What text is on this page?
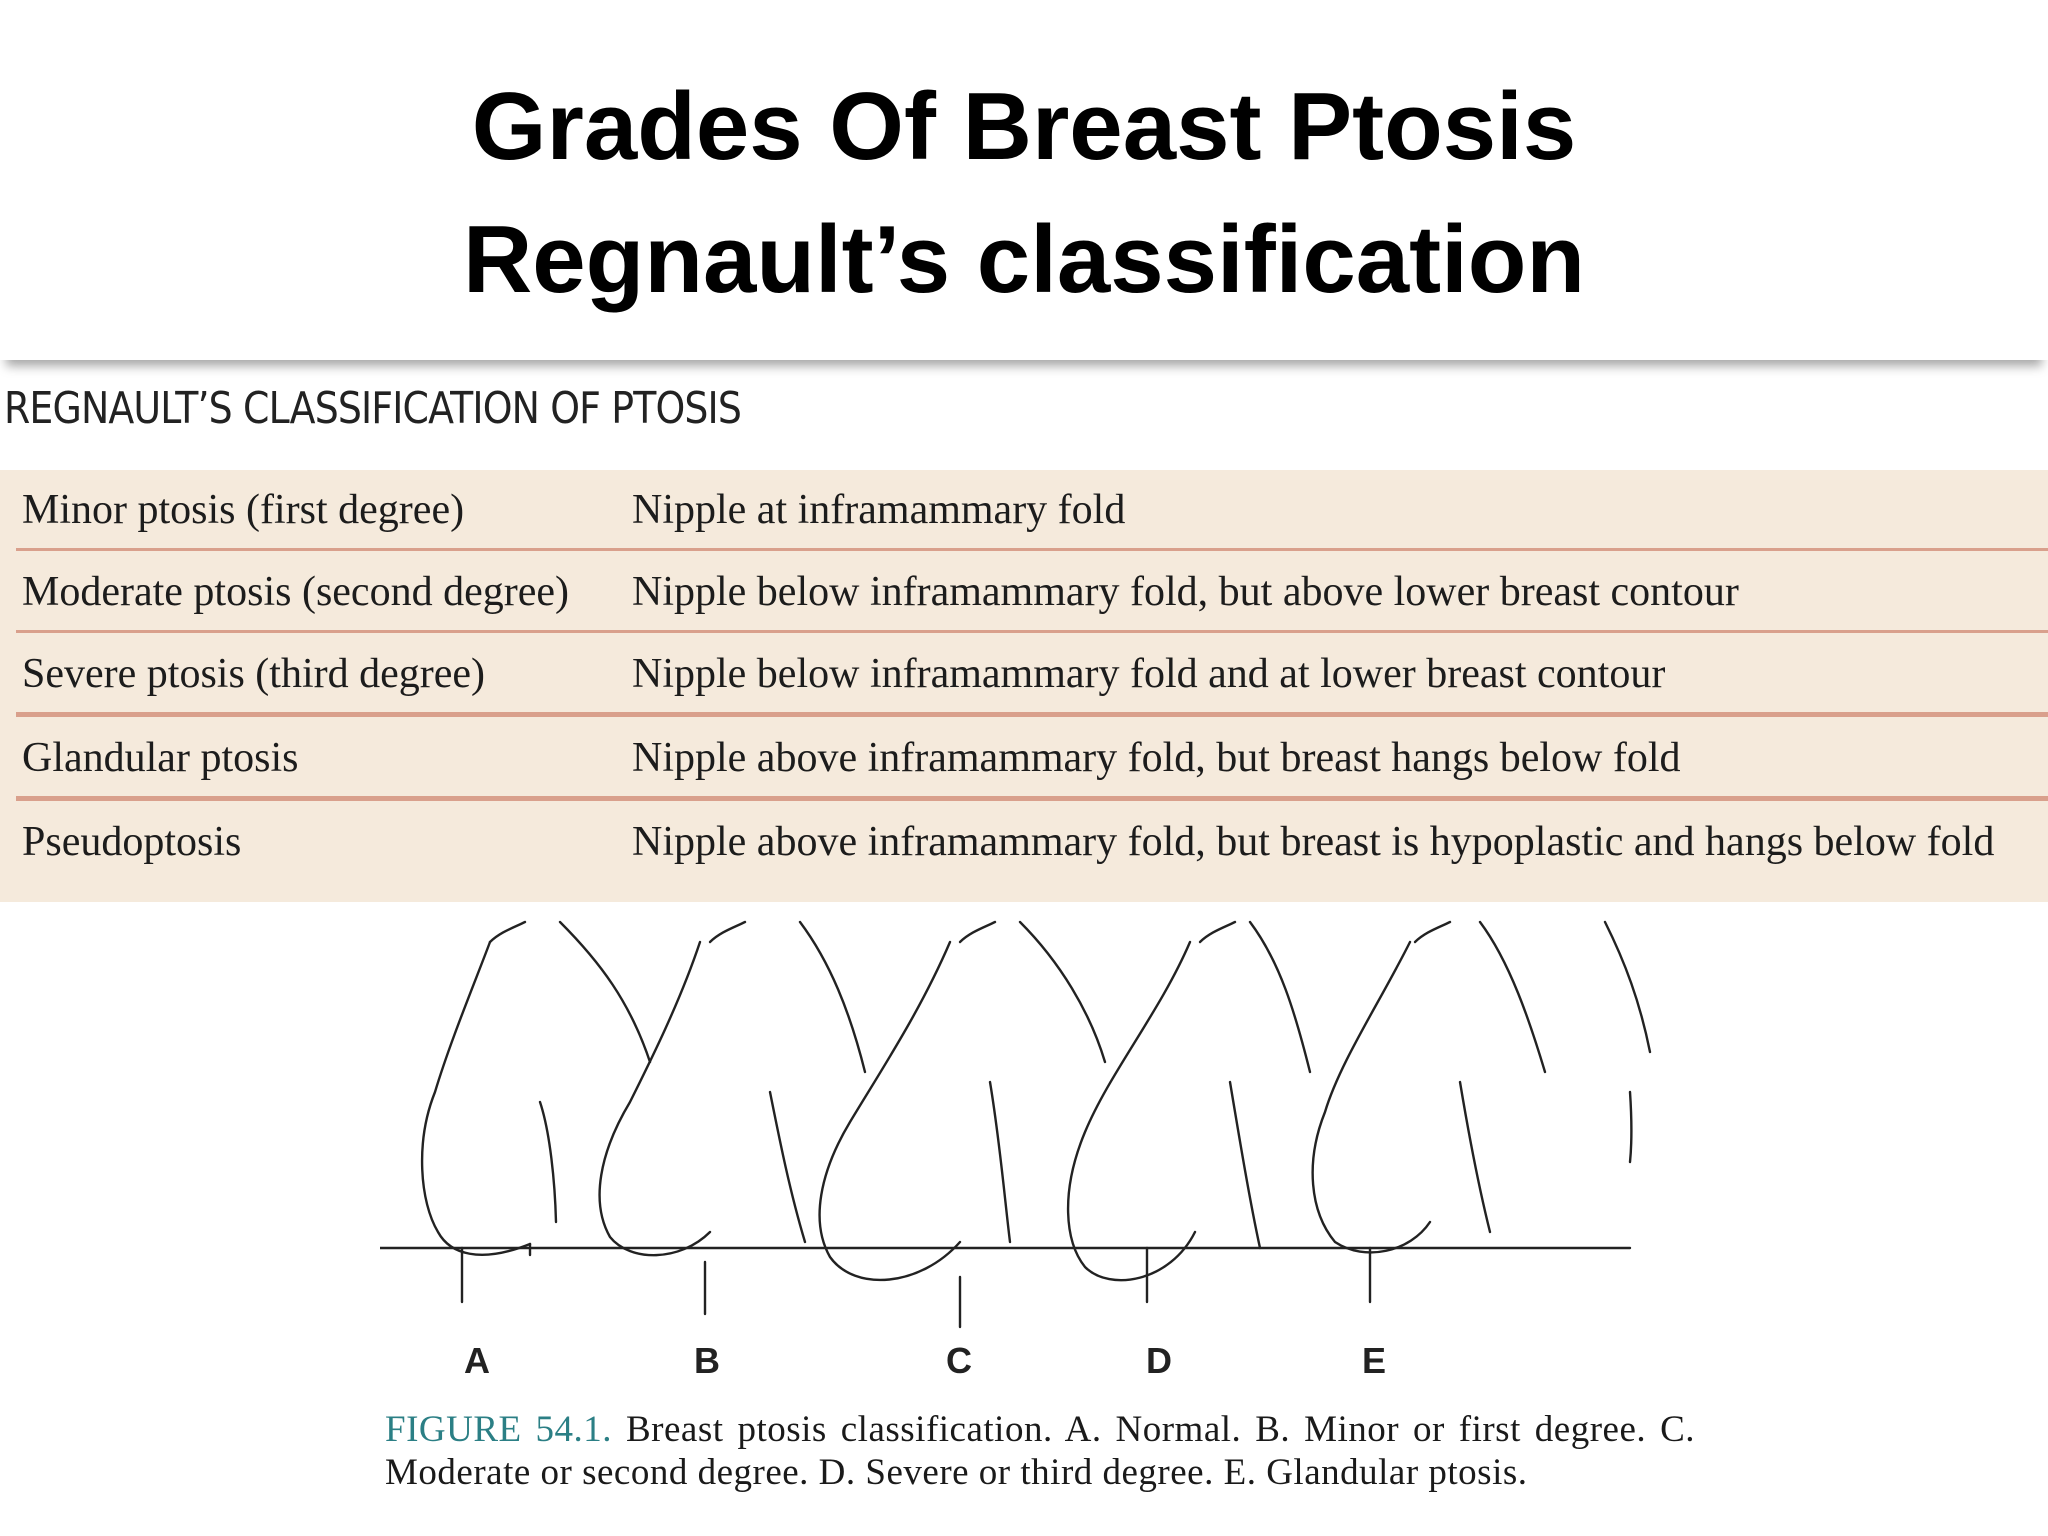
Grades Of Breast Ptosis
Regnault’s classification
REGNAULT’S CLASSIFICATION OF PTOSIS
Minor ptosis (first degree)	Nipple at inframammary fold
Moderate ptosis (second degree) Nipple below inframammary fold, but above lower breast contour
Severe ptosis (third degree)	Nipple below inframammary fold and at lower breast contour
Glandular ptosis	Nipple above inframammary fold, but breast hangs below fold
Pseudoptosis	Nipple above inframammary fold, but breast is hypoplastic and hangs below fold
A	B	C	D	E
FIGURE 54.1. Breast ptosis classification. A. Normal. B. Minor or first degree. C. Moderate or second degree. D. Severe or third degree. E. Glandular ptosis.
